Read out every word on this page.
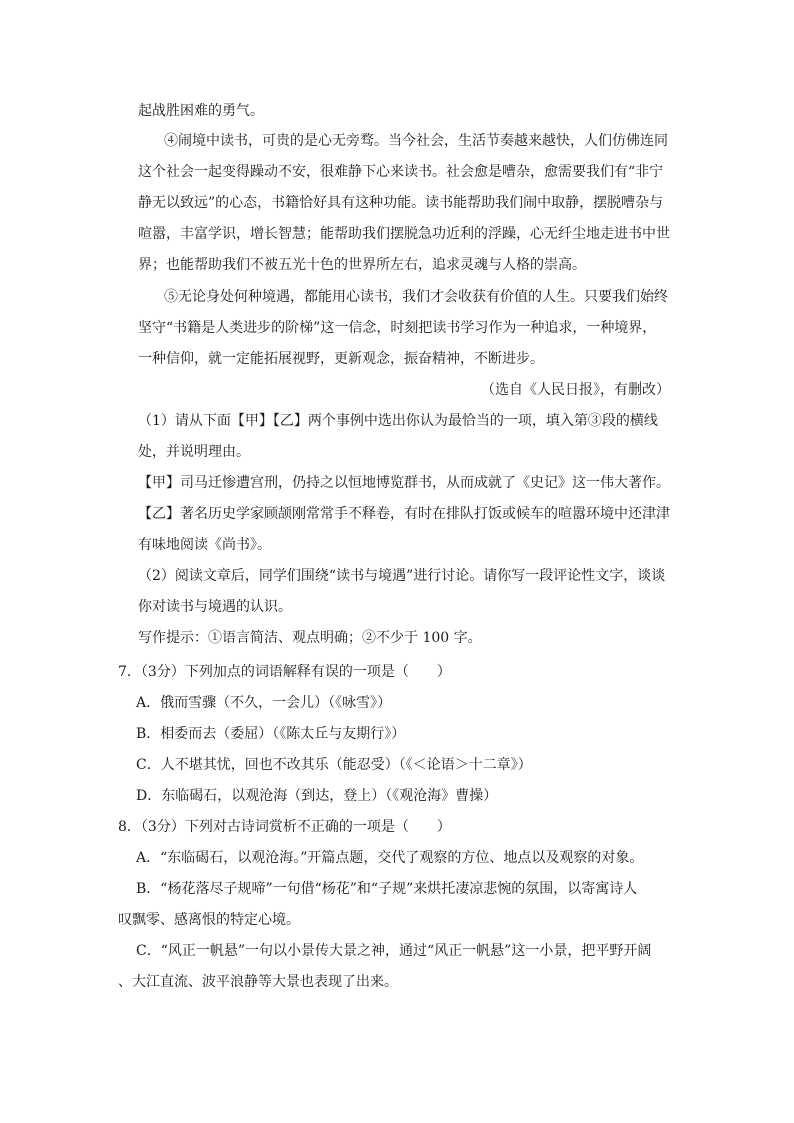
起战胜困难的勇气。
④闹境中读书，可贵的是心无旁骛。当今社会，生活节奏越来越快，人们仿佛连同
这个社会一起变得躁动不安，很难静下心来读书。社会愈是嘈杂，愈需要我们有“非宁
静无以致远”的心态，书籍恰好具有这种功能。读书能帮助我们闹中取静，摆脱嘈杂与
喧嚣，丰富学识，增长智慧；能帮助我们摆脱急功近利的浮躁，心无纤尘地走进书中世
界；也能帮助我们不被五光十色的世界所左右，追求灵魂与人格的崇高。
⑤无论身处何种境遇，都能用心读书，我们才会收获有价值的人生。只要我们始终
坚守“书籍是人类进步的阶梯”这一信念，时刻把读书学习作为一种追求，一种境界，
一种信仰，就一定能拓展视野，更新观念，振奋精神，不断进步。
（选自《人民日报》，有删改）
（1）请从下面【甲】【乙】两个事例中选出你认为最恰当的一项，填入第③段的横线
处，并说明理由。
【甲】司马迁惨遭宫刑，仍持之以恒地博览群书，从而成就了《史记》这一伟大著作。
【乙】著名历史学家顾颉刚常常手不释卷，有时在排队打饭或候车的喧嚣环境中还津津
有味地阅读《尚书》。
（2）阅读文章后，同学们围绕“读书与境遇”进行讨论。请你写一段评论性文字，谈谈
你对读书与境遇的认识。
写作提示：①语言简洁、观点明确；②不少于 100 字。
7．（3分）下列加点的词语解释有误的一项是（　　）
A．俄而雪骤（不久，一会儿）（《咏雪》）
B．相委而去（委屈）（《陈太丘与友期行》）
C．人不堪其忧，回也不改其乐（能忍受）（《＜论语＞十二章》）
D．东临碣石，以观沧海（到达，登上）（《观沧海》曹操）
8．（3分）下列对古诗词赏析不正确的一项是（　　）
A．“东临碣石，以观沧海。”开篇点题，交代了观察的方位、地点以及观察的对象。
B．“杨花落尽子规啼”一句借“杨花”和“子规”来烘托凄凉悲惋的氛围，以寄寓诗人
叹飘零、感离恨的特定心境。
C．“风正一帆悬”一句以小景传大景之神，通过“风正一帆悬”这一小景，把平野开阔
、大江直流、波平浪静等大景也表现了出来。
